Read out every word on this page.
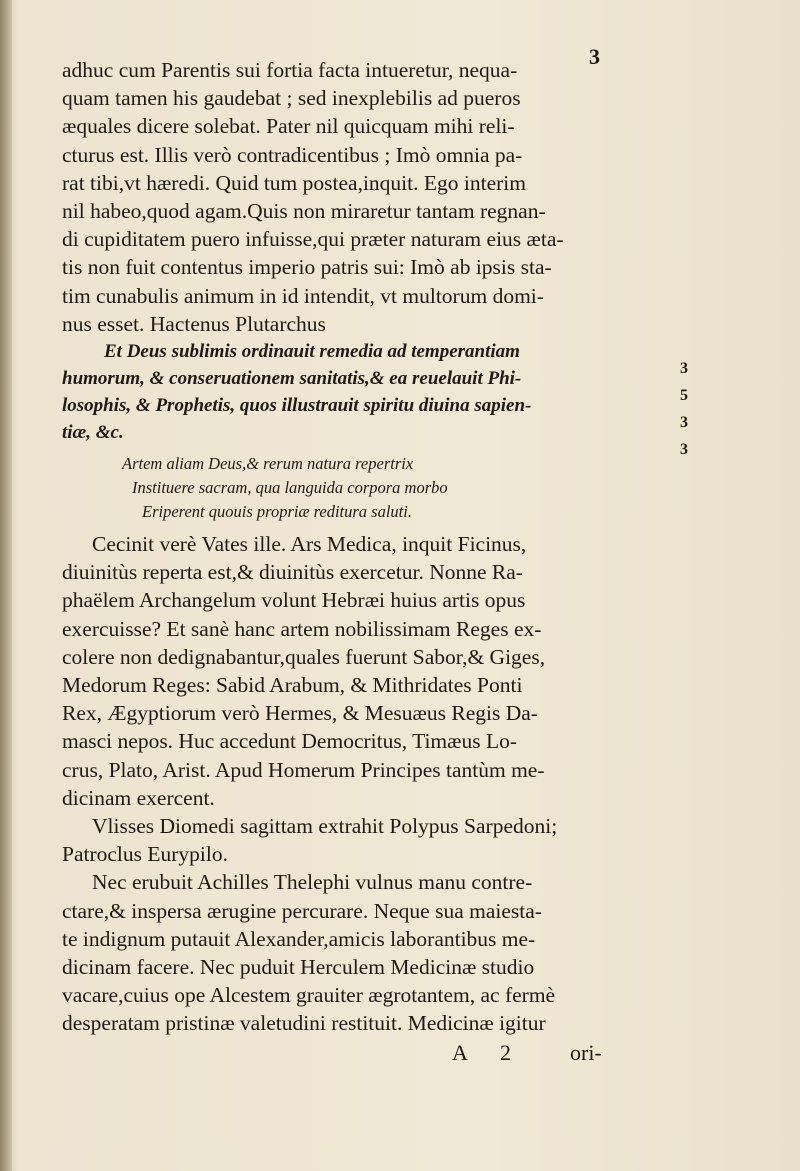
3
adhuc cum Parentis sui fortia facta intueretur, nequa-
quam tamen his gaudebat ; sed inexplebilis ad pueros
æquales dicere solebat. Pater nil quicquam mihi reli-
cturus est. Illis verò contradicentibus ; Imò omnia pa-
rat tibi,vt hæredi. Quid tum postea,inquit. Ego interim
nil habeo,quod agam.Quis non miraretur tantam regnan-
di cupiditatem puero infuisse,qui præter naturam eius æta-
tis non fuit contentus imperio patris sui: Imò ab ipsis sta-
tim cunabulis animum in id intendit, vt multorum domi-
nus esset. Hactenus Plutarchus
Et Deus sublimis ordinauit remedia ad temperantiam
humorum, & conseruationem sanitatis,& ea reuelauit Phi-
losophis, & Prophetis, quos illustrauit spiritu diuina sapien-
tiæ, &c.
Artem aliam Deus,& rerum natura repertrix
Instituere sacram, qua languida corpora morbo
Eriperent quouis propriæ reditura saluti.
Cecinit verè Vates ille. Ars Medica, inquit Ficinus,
diuinitùs reperta est,& diuinitùs exercetur. Nonne Ra-
phaëlem Archangelum volunt Hebræi huius artis opus
exercuisse? Et sanè hanc artem nobilissimam Reges ex-
colere non dedignabantur,quales fuerunt Sabor,& Giges,
Medorum Reges: Sabid Arabum, & Mithridates Ponti
Rex, Ægyptiorum verò Hermes, & Mesuæus Regis Da-
masci nepos. Huc accedunt Democritus, Timæus Lo-
crus, Plato, Arist. Apud Homerum Principes tantùm me-
dicinam exercent.
Vlisses Diomedi sagittam extrahit Polypus Sarpedoni;
Patroclus Eurypilo.
Nec erubuit Achilles Thelephi vulnus manu contre-
ctare,& inspersa ærugine percurare. Neque sua maiesta-
te indignum putauit Alexander,amicis laborantibus me-
dicinam facere. Nec puduit Herculem Medicinæ studio
vacare,cuius ope Alcestem grauiter ægrotantem, ac fermè
desperatam pristinæ valetudini restituit. Medicinæ igitur
3
5
3
3
A 2	ori-
